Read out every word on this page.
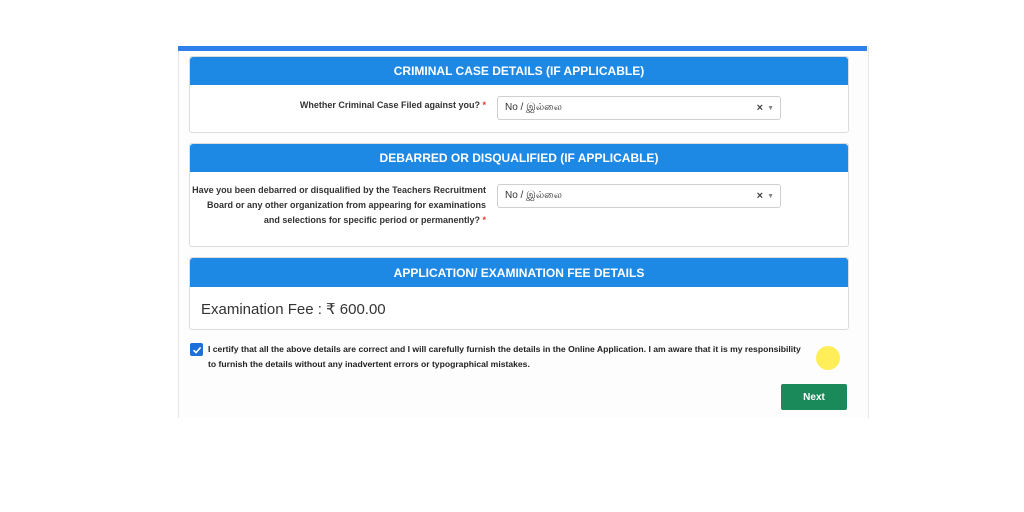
CRIMINAL CASE DETAILS (IF APPLICABLE)
Whether Criminal Case Filed against you? *	No / இல்லை	× ▼
DEBARRED OR DISQUALIFIED (IF APPLICABLE)
Have you been debarred or disqualified by the Teachers Recruitment
Board or any other organization from appearing for examinations
and selections for specific period or permanently? *
No / இல்லை	× ▼
APPLICATION/ EXAMINATION FEE DETAILS
Examination Fee : ₹ 600.00
I certify that all the above details are correct and I will carefully furnish the details in the Online Application. I am aware that it is my responsibility
to furnish the details without any inadvertent errors or typographical mistakes.
Next
